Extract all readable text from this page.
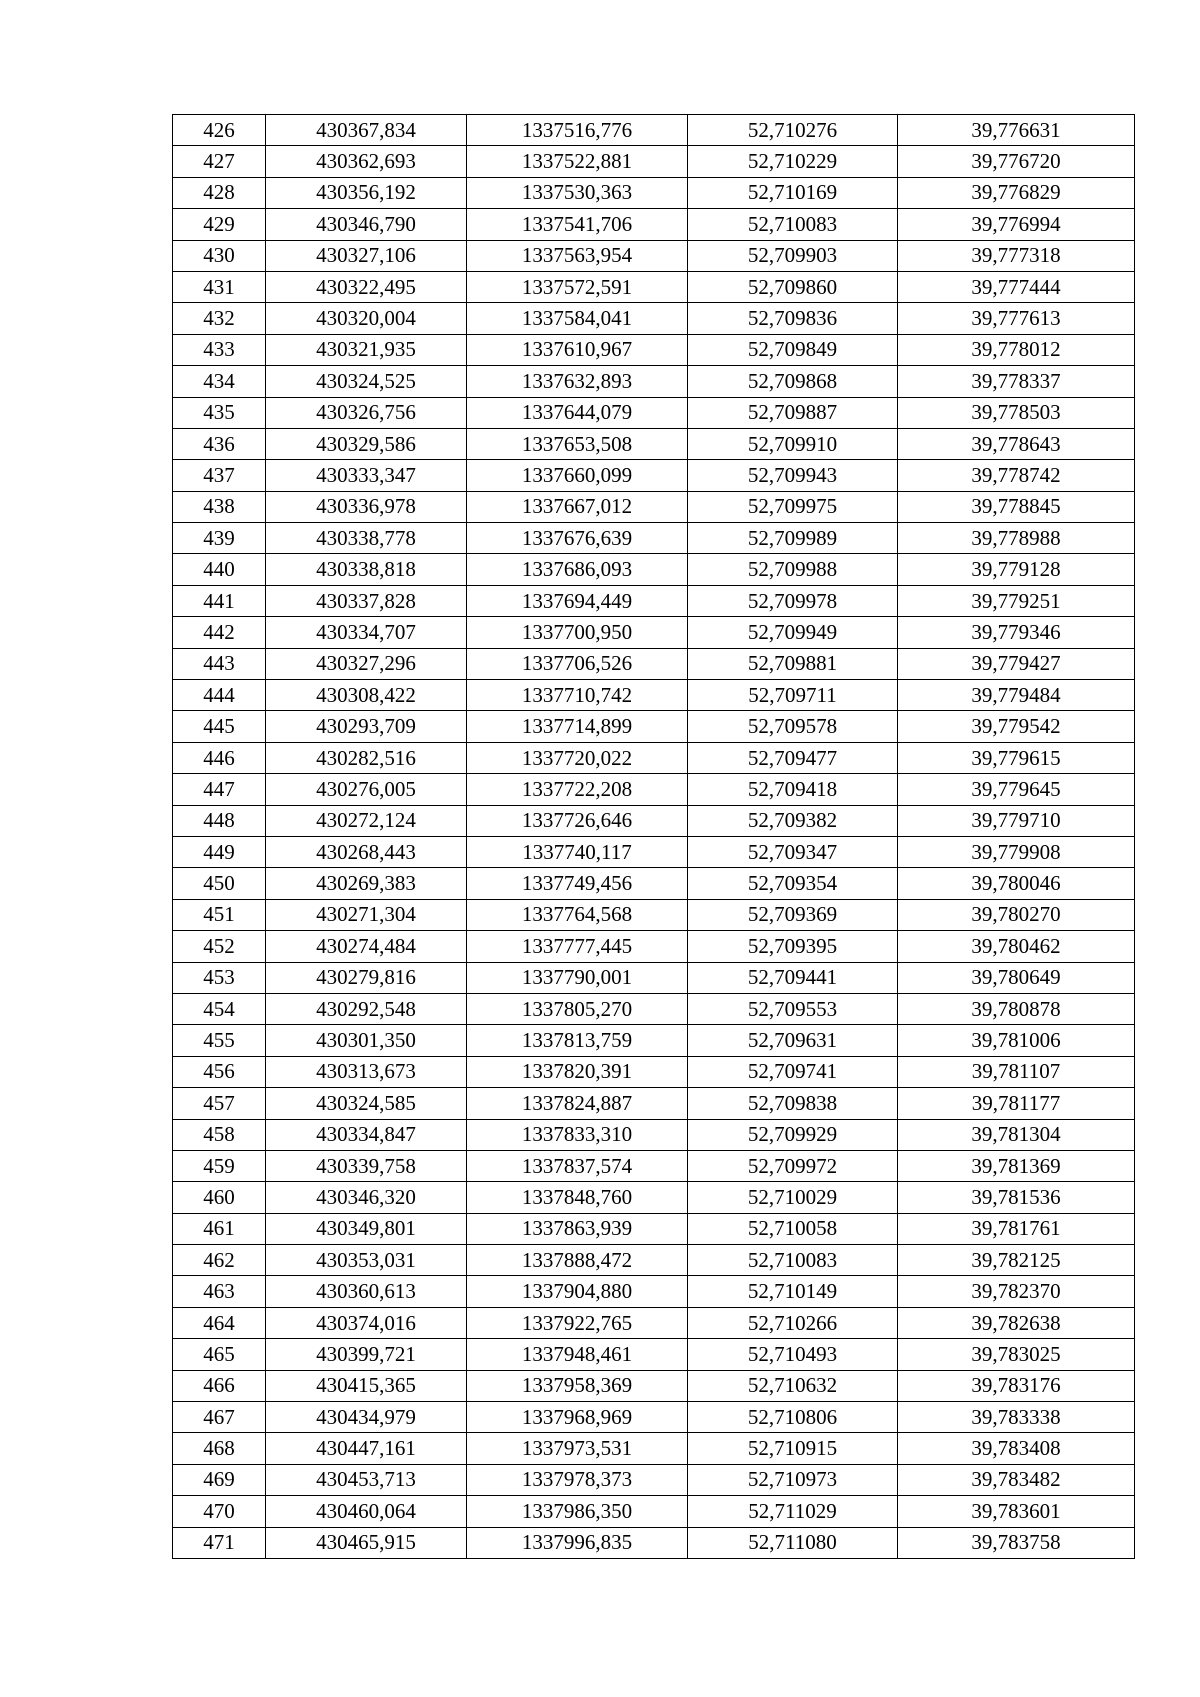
426	430367,834	1337516,776	52,710276	39,776631
427	430362,693	1337522,881	52,710229	39,776720
428	430356,192	1337530,363	52,710169	39,776829
429	430346,790	1337541,706	52,710083	39,776994
430	430327,106	1337563,954	52,709903	39,777318
431	430322,495	1337572,591	52,709860	39,777444
432	430320,004	1337584,041	52,709836	39,777613
433	430321,935	1337610,967	52,709849	39,778012
434	430324,525	1337632,893	52,709868	39,778337
435	430326,756	1337644,079	52,709887	39,778503
436	430329,586	1337653,508	52,709910	39,778643
437	430333,347	1337660,099	52,709943	39,778742
438	430336,978	1337667,012	52,709975	39,778845
439	430338,778	1337676,639	52,709989	39,778988
440	430338,818	1337686,093	52,709988	39,779128
441	430337,828	1337694,449	52,709978	39,779251
442	430334,707	1337700,950	52,709949	39,779346
443	430327,296	1337706,526	52,709881	39,779427
444	430308,422	1337710,742	52,709711	39,779484
445	430293,709	1337714,899	52,709578	39,779542
446	430282,516	1337720,022	52,709477	39,779615
447	430276,005	1337722,208	52,709418	39,779645
448	430272,124	1337726,646	52,709382	39,779710
449	430268,443	1337740,117	52,709347	39,779908
450	430269,383	1337749,456	52,709354	39,780046
451	430271,304	1337764,568	52,709369	39,780270
452	430274,484	1337777,445	52,709395	39,780462
453	430279,816	1337790,001	52,709441	39,780649
454	430292,548	1337805,270	52,709553	39,780878
455	430301,350	1337813,759	52,709631	39,781006
456	430313,673	1337820,391	52,709741	39,781107
457	430324,585	1337824,887	52,709838	39,781177
458	430334,847	1337833,310	52,709929	39,781304
459	430339,758	1337837,574	52,709972	39,781369
460	430346,320	1337848,760	52,710029	39,781536
461	430349,801	1337863,939	52,710058	39,781761
462	430353,031	1337888,472	52,710083	39,782125
463	430360,613	1337904,880	52,710149	39,782370
464	430374,016	1337922,765	52,710266	39,782638
465	430399,721	1337948,461	52,710493	39,783025
466	430415,365	1337958,369	52,710632	39,783176
467	430434,979	1337968,969	52,710806	39,783338
468	430447,161	1337973,531	52,710915	39,783408
469	430453,713	1337978,373	52,710973	39,783482
470	430460,064	1337986,350	52,711029	39,783601
471	430465,915	1337996,835	52,711080	39,783758
